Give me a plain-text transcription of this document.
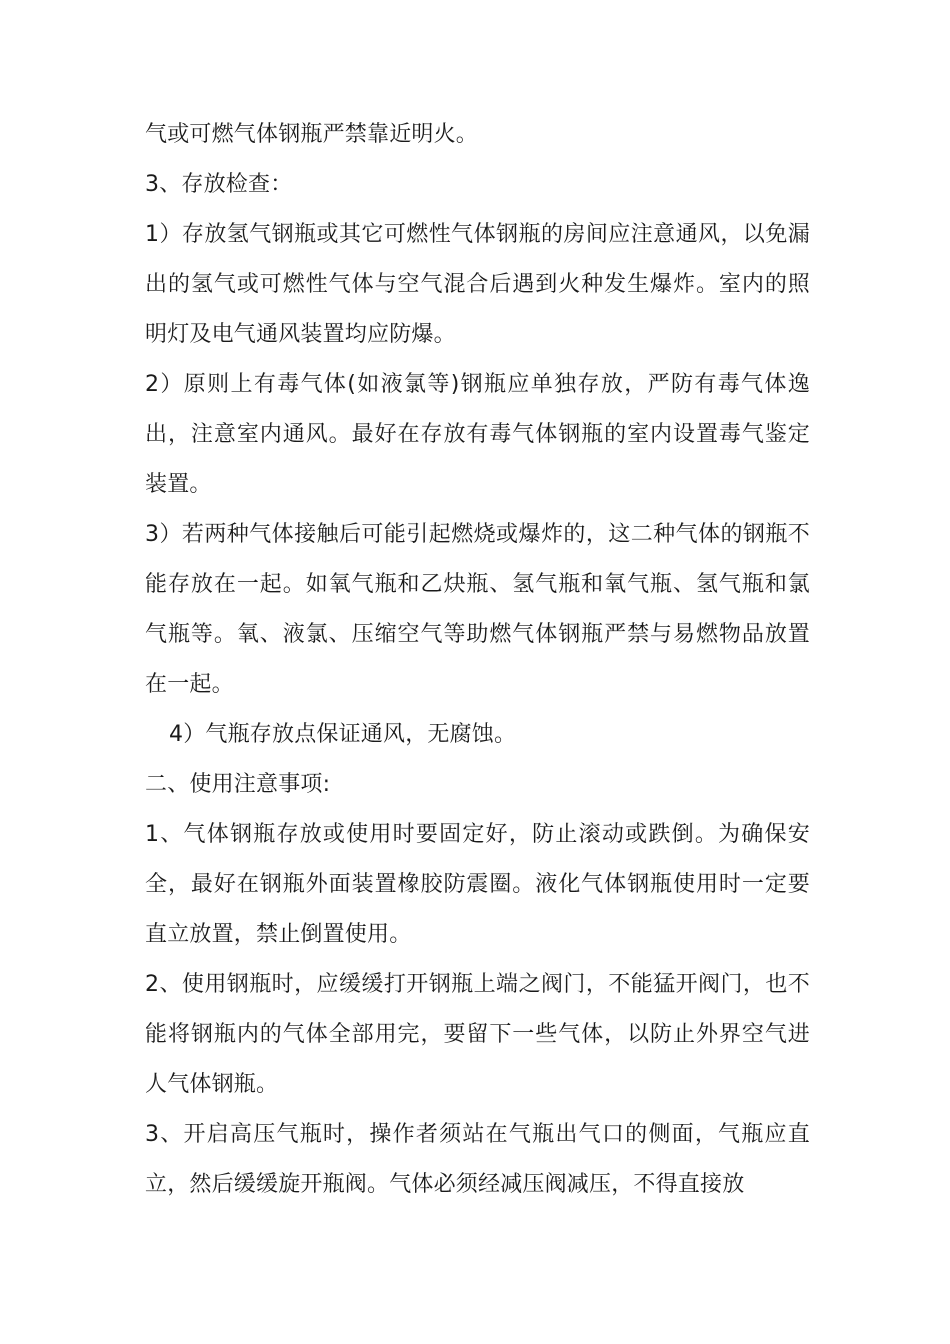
气或可燃气体钢瓶严禁靠近明火。

3、存放检查：

1）存放氢气钢瓶或其它可燃性气体钢瓶的房间应注意通风，以免漏出的氢气或可燃性气体与空气混合后遇到火种发生爆炸。室内的照明灯及电气通风装置均应防爆。

2）原则上有毒气体(如液氯等)钢瓶应单独存放，严防有毒气体逸出，注意室内通风。最好在存放有毒气体钢瓶的室内设置毒气鉴定装置。

3）若两种气体接触后可能引起燃烧或爆炸的，这二种气体的钢瓶不能存放在一起。如氧气瓶和乙炔瓶、氢气瓶和氧气瓶、氢气瓶和氯气瓶等。氧、液氯、压缩空气等助燃气体钢瓶严禁与易燃物品放置在一起。

4）气瓶存放点保证通风，无腐蚀。

二、使用注意事项:

1、气体钢瓶存放或使用时要固定好，防止滚动或跌倒。为确保安全，最好在钢瓶外面装置橡胶防震圈。液化气体钢瓶使用时一定要直立放置，禁止倒置使用。

2、使用钢瓶时，应缓缓打开钢瓶上端之阀门，不能猛开阀门，也不能将钢瓶内的气体全部用完，要留下一些气体，以防止外界空气进人气体钢瓶。

3、开启高压气瓶时，操作者须站在气瓶出气口的侧面，气瓶应直立，然后缓缓旋开瓶阀。气体必须经减压阀减压，不得直接放
